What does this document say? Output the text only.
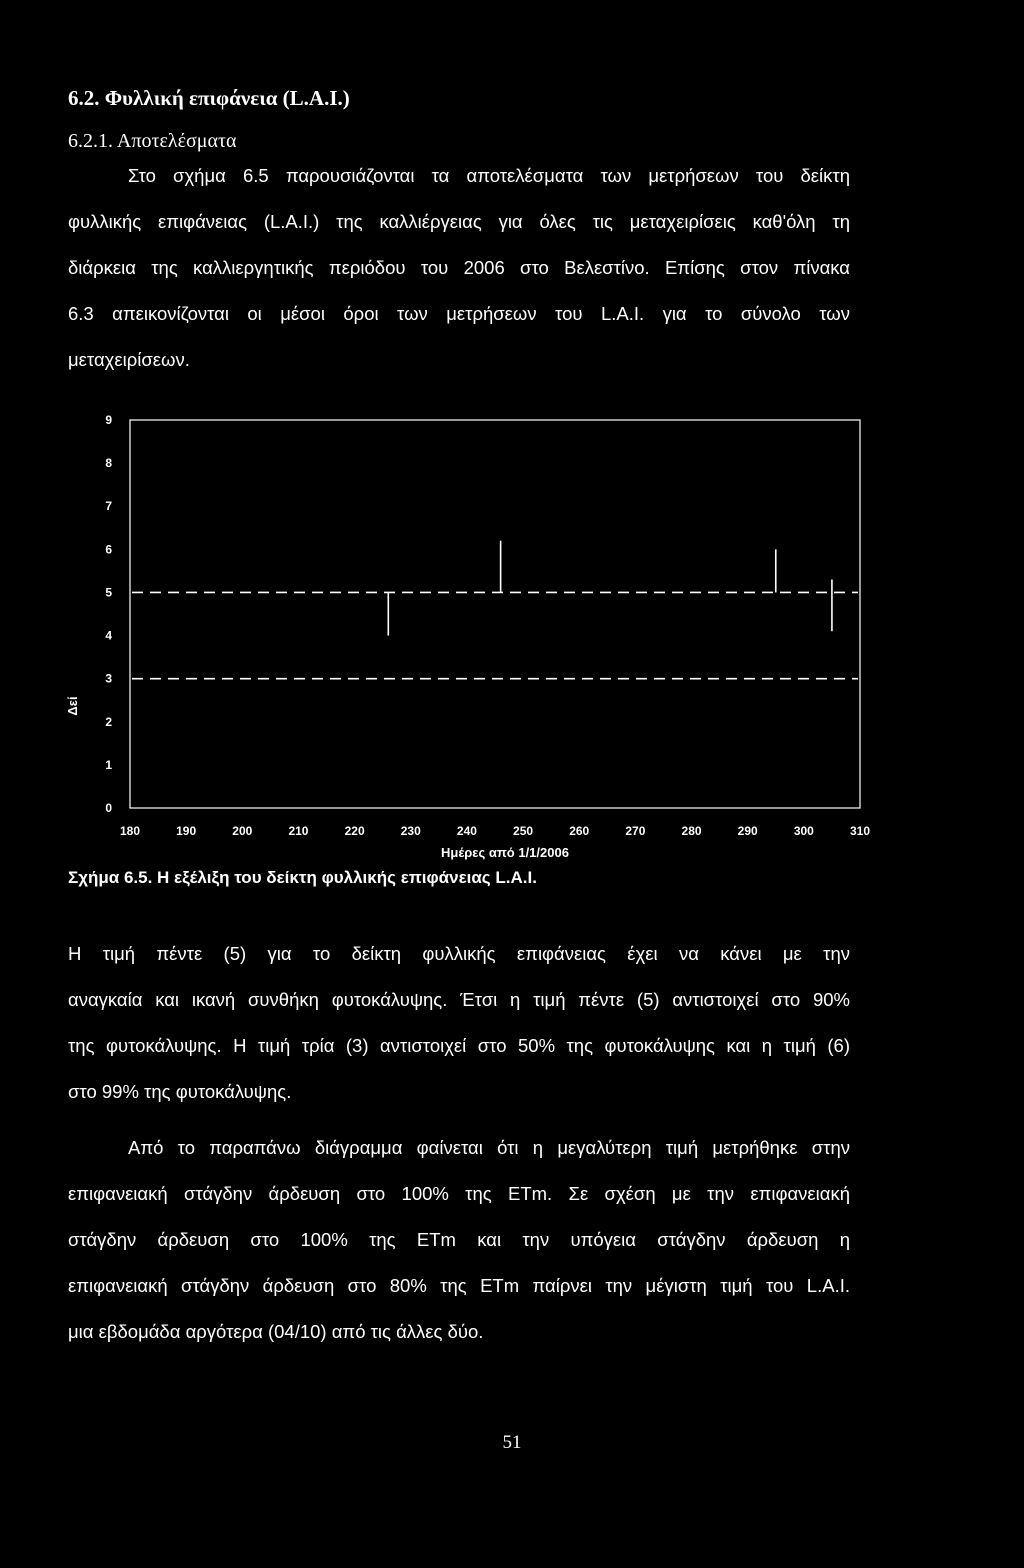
6.2. Φυλλική επιφάνεια (L.A.I.)
6.2.1. Αποτελέσματα
Στο σχήμα 6.5 παρουσιάζονται τα αποτελέσματα των μετρήσεων του δείκτη
φυλλικής επιφάνειας (L.A.I.) της καλλιέργειας για όλες τις μεταχειρίσεις καθ'όλη τη
διάρκεια της καλλιεργητικής περιόδου του 2006 στο Βελεστίνο. Επίσης στον πίνακα
6.3 απεικονίζονται οι μέσοι όροι των μετρήσεων του L.A.I. για το σύνολο των
μεταχειρίσεων.
0
1
2
3
4
5
6
7
8
9
180	190	200	210	220	230	240	250	260	270	280	290	300	310
Ημέρες από 1/1/2006
Δεί
Σχήμα 6.5. Η εξέλιξη του δείκτη φυλλικής επιφάνειας L.A.I.
Η τιμή πέντε (5) για το δείκτη φυλλικής επιφάνειας έχει να κάνει με την
αναγκαία και ικανή συνθήκη φυτοκάλυψης. Έτσι η τιμή πέντε (5) αντιστοιχεί στο 90%
της φυτοκάλυψης. Η τιμή τρία (3) αντιστοιχεί στο 50% της φυτοκάλυψης και η τιμή (6)
στο 99% της φυτοκάλυψης.
Από το παραπάνω διάγραμμα φαίνεται ότι η μεγαλύτερη τιμή μετρήθηκε στην
επιφανειακή στάγδην άρδευση στο 100% της ETm. Σε σχέση με την επιφανειακή
στάγδην άρδευση στο 100% της ETm και την υπόγεια στάγδην άρδευση η
επιφανειακή στάγδην άρδευση στο 80% της ETm παίρνει την μέγιστη τιμή του L.A.I.
μια εβδομάδα αργότερα (04/10) από τις άλλες δύο.
51
